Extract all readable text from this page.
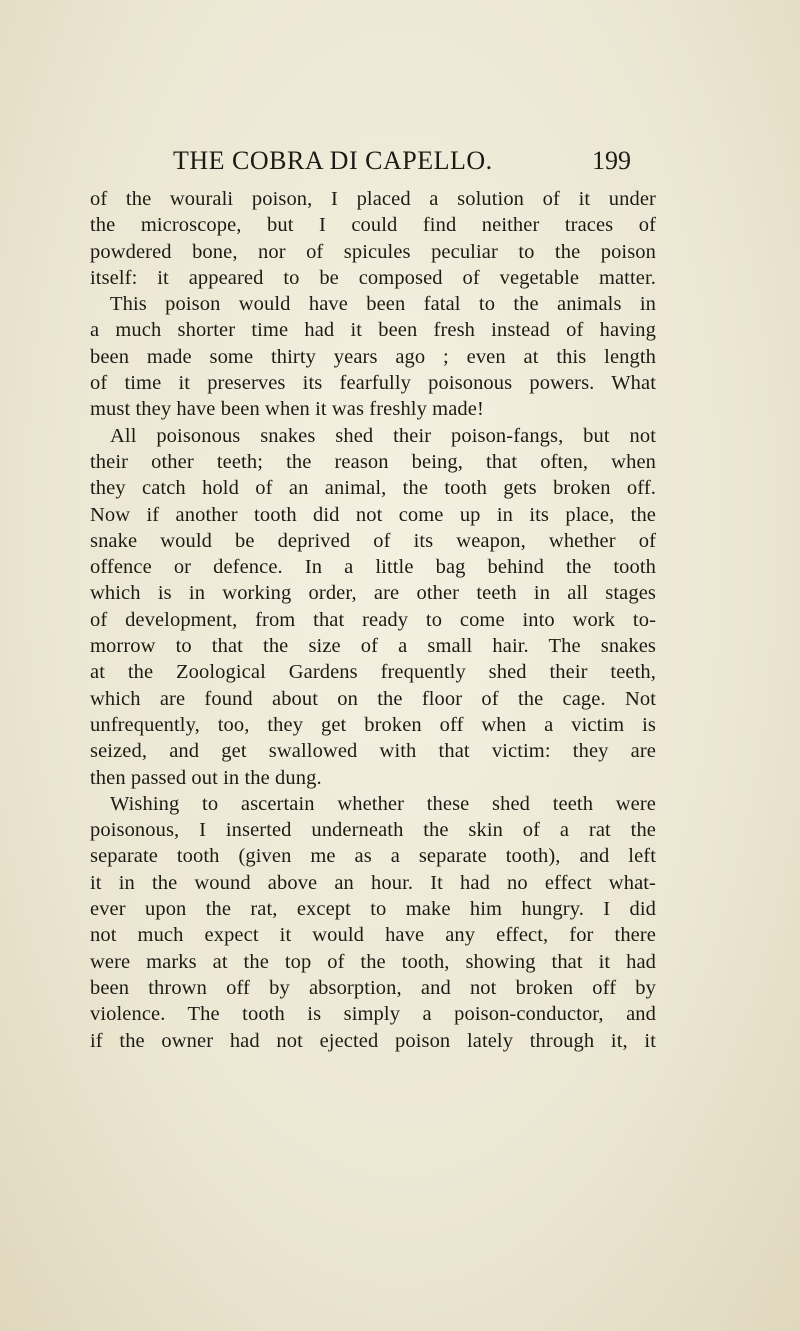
THE COBRA DI CAPELLO.	199
of the wourali poison, I placed a solution of it under
the microscope, but I could find neither traces of
powdered bone, nor of spicules peculiar to the poison
itself: it appeared to be composed of vegetable matter.
This poison would have been fatal to the animals in
a much shorter time had it been fresh instead of having
been made some thirty years ago ; even at this length
of time it preserves its fearfully poisonous powers. What
must they have been when it was freshly made!
All poisonous snakes shed their poison-fangs, but not
their other teeth; the reason being, that often, when
they catch hold of an animal, the tooth gets broken off.
Now if another tooth did not come up in its place, the
snake would be deprived of its weapon, whether of
offence or defence. In a little bag behind the tooth
which is in working order, are other teeth in all stages
of development, from that ready to come into work to-
morrow to that the size of a small hair. The snakes
at the Zoological Gardens frequently shed their teeth,
which are found about on the floor of the cage. Not
unfrequently, too, they get broken off when a victim is
seized, and get swallowed with that victim: they are
then passed out in the dung.
Wishing to ascertain whether these shed teeth were
poisonous, I inserted underneath the skin of a rat the
separate tooth (given me as a separate tooth), and left
it in the wound above an hour. It had no effect what-
ever upon the rat, except to make him hungry. I did
not much expect it would have any effect, for there
were marks at the top of the tooth, showing that it had
been thrown off by absorption, and not broken off by
violence. The tooth is simply a poison-conductor, and
if the owner had not ejected poison lately through it, it
